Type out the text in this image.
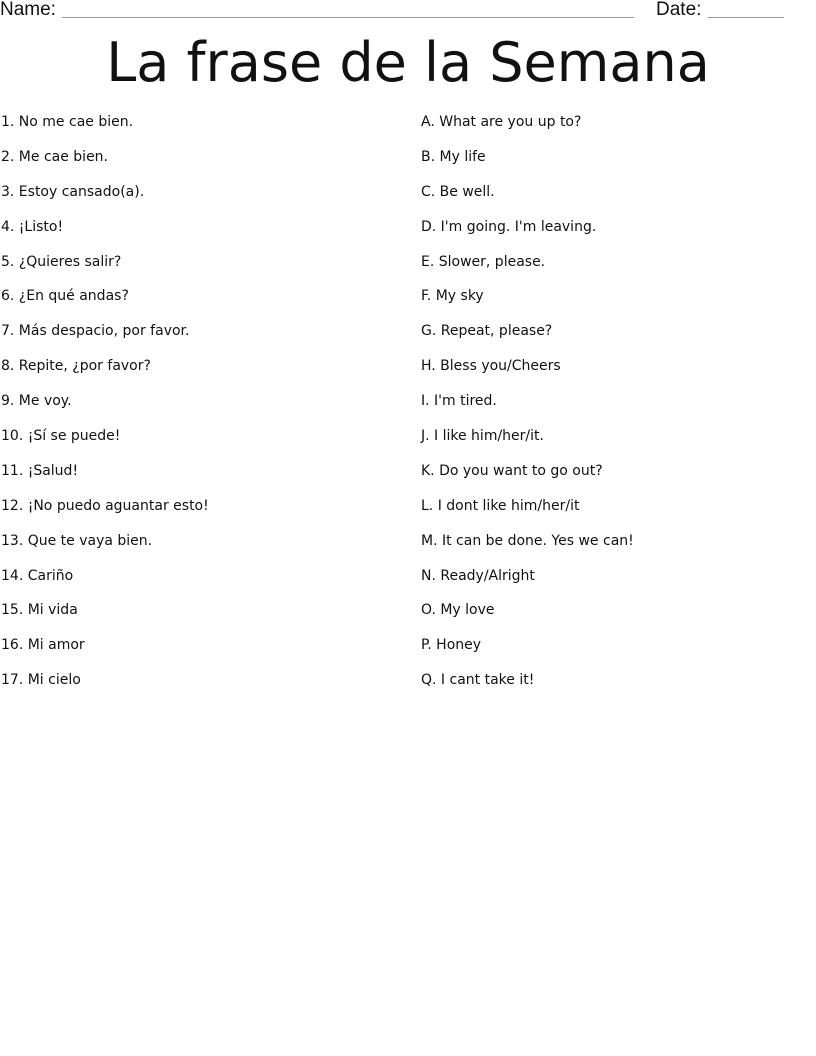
Name:	Date:
La frase de la Semana
1. No me cae bien.
2. Me cae bien.
3. Estoy cansado(a).
4. ¡Listo!
5. ¿Quieres salir?
6. ¿En qué andas?
7. Más despacio, por favor.
8. Repite, ¿por favor?
9. Me voy.
10. ¡Sí se puede!
11. ¡Salud!
12. ¡No puedo aguantar esto!
13. Que te vaya bien.
14. Cariño
15. Mi vida
16. Mi amor
17. Mi cielo
A. What are you up to?
B. My life
C. Be well.
D. I'm going. I'm leaving.
E. Slower, please.
F. My sky
G. Repeat, please?
H. Bless you/Cheers
I. I'm tired.
J. I like him/her/it.
K. Do you want to go out?
L. I dont like him/her/it
M. It can be done. Yes we can!
N. Ready/Alright
O. My love
P. Honey
Q. I cant take it!
